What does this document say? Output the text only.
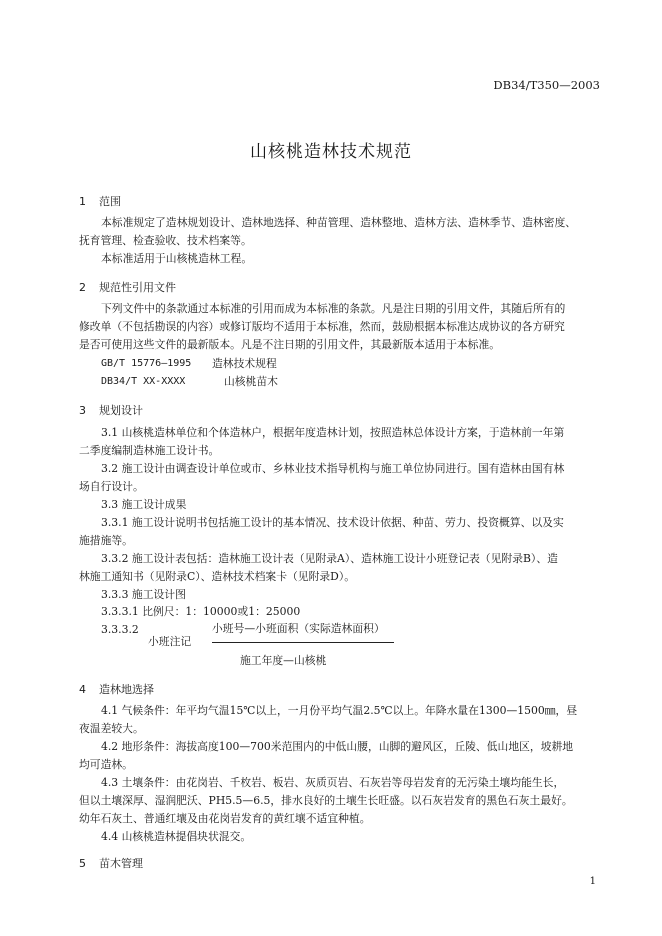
DB34/T350—2003
山核桃造林技术规范
1 范围
本标准规定了造林规划设计、造林地选择、种苗管理、造林整地、造林方法、造林季节、造林密度、
抚育管理、检查验收、技术档案等。
本标准适用于山核桃造林工程。
2 规范性引用文件
下列文件中的条款通过本标准的引用而成为本标准的条款。凡是注日期的引用文件，其随后所有的
修改单（不包括勘误的内容）或修订版均不适用于本标准，然而，鼓励根据本标准达成协议的各方研究
是否可使用这些文件的最新版本。凡是不注日期的引用文件，其最新版本适用于本标准。
GB/T 15776—1995 造林技术规程
DB34/T XX-XXXX	山核桃苗木
3 规划设计
3.1 山核桃造林单位和个体造林户，根据年度造林计划，按照造林总体设计方案，于造林前一年第
二季度编制造林施工设计书。
3.2 施工设计由调查设计单位或市、乡林业技术指导机构与施工单位协同进行。国有造林由国有林
场自行设计。
3.3 施工设计成果
3.3.1 施工设计说明书包括施工设计的基本情况、技术设计依据、种苗、劳力、投资概算、以及实
施措施等。
3.3.2 施工设计表包括：造林施工设计表（见附录A）、造林施工设计小班登记表（见附录B）、造
林施工通知书（见附录C）、造林技术档案卡（见附录D）。
3.3.3 施工设计图
3.3.3.1 比例尺：1：10000或1：25000
3.3.3.2	小班号—小班面积（实际造林面积）
小班注记
施工年度—山核桃
4 造林地选择
4.1 气候条件：年平均气温15℃以上，一月份平均气温2.5℃以上。年降水量在1300—1500㎜，昼
夜温差较大。
4.2 地形条件：海拔高度100—700米范围内的中低山腰，山脚的避风区，丘陵、低山地区，坡耕地
均可造林。
4.3 土壤条件：由花岗岩、千枚岩、板岩、灰质页岩、石灰岩等母岩发育的无污染土壤均能生长，
但以土壤深厚、湿润肥沃、PH5.5—6.5，排水良好的土壤生长旺盛。以石灰岩发育的黑色石灰土最好。
幼年石灰土、普通红壤及由花岗岩发育的黄红壤不适宜种植。
4.4 山核桃造林提倡块状混交。
5 苗木管理
1
